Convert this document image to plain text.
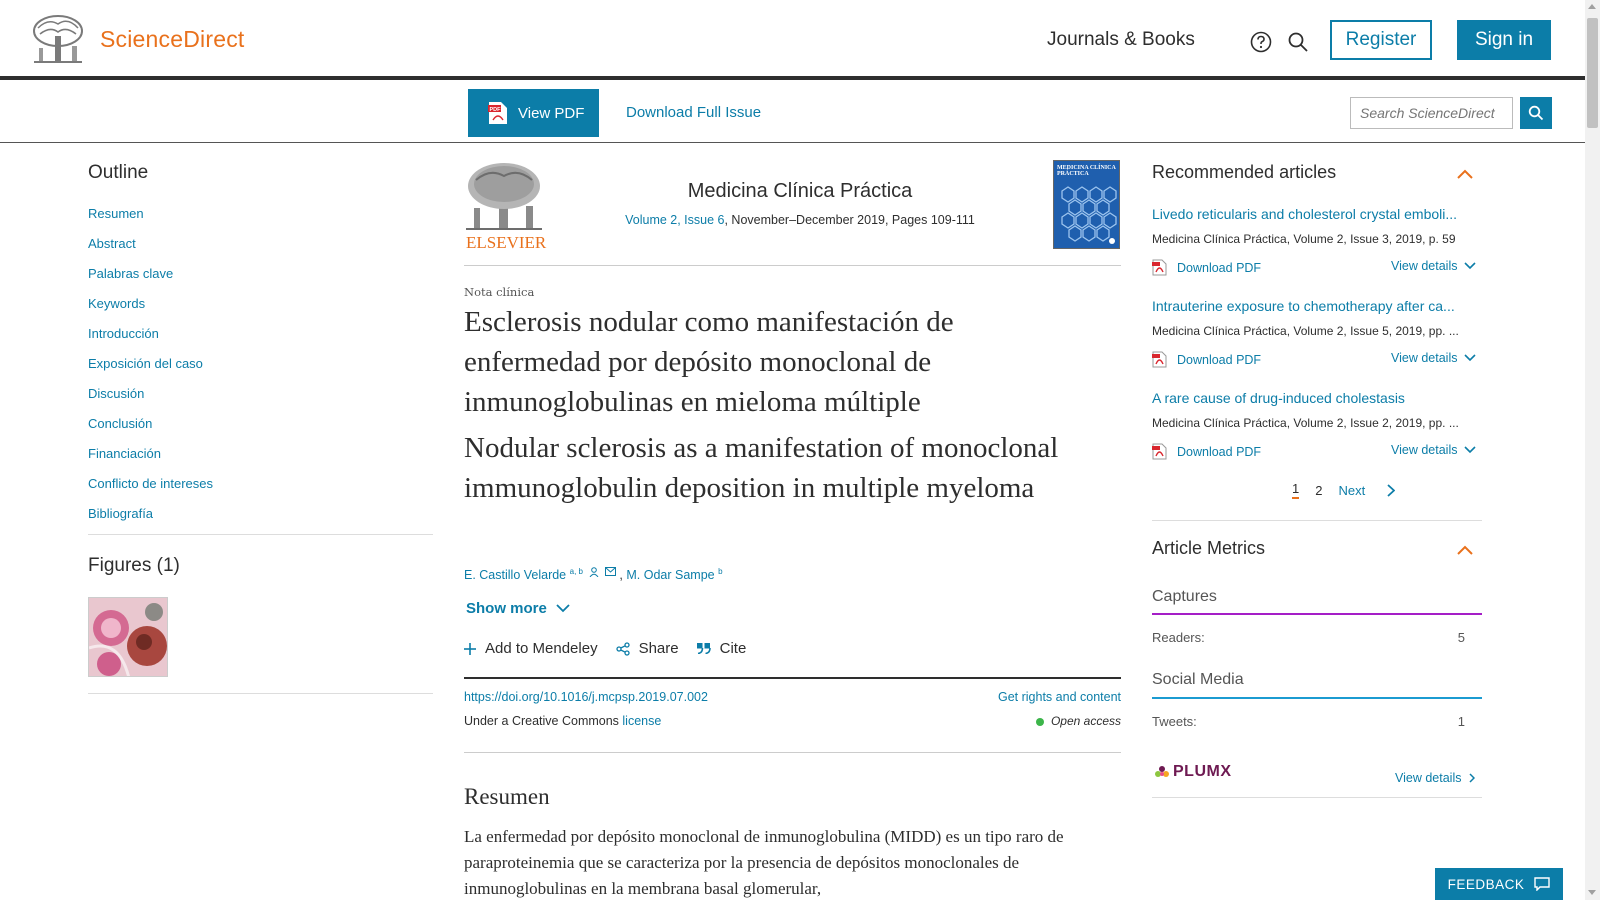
ScienceDirect	Journals & Books	Register	Sign in
PDF View PDF	Download Full Issue
Search ScienceDirect
Outline
Resumen
Abstract
Palabras clave
Keywords
Introducción
Exposición del caso
Discusión
Conclusión
Financiación
Conflicto de intereses
Bibliografía
Figures (1)
ELSEVIER
Medicina Clínica Práctica
Volume 2, Issue 6, November–December 2019, Pages 109-111
MEDICINA CLÍNICA PRÁCTICA
Nota clínica
Esclerosis nodular como manifestación de enfermedad por depósito monoclonal de inmunoglobulinas en mieloma múltiple
Nodular sclerosis as a manifestation of monoclonal immunoglobulin deposition in multiple myeloma
E. Castillo Velarde $^{a, b}$	, M. Odar Sampe $^b$
Show more
Add to Mendeley	Share	Cite
https://doi.org/10.1016/j.mcpsp.2019.07.002	Get rights and content
Under a Creative Commons license	Open access
Resumen

La enfermedad por depósito monoclonal de inmunoglobulina (MIDD) es un tipo raro de paraproteinemia que se caracteriza por la presencia de depósitos monoclonales de inmunoglobulinas en la membrana basal glomerular,

Recommended articles
Livedo reticularis and cholesterol crystal emboli...
Medicina Clínica Práctica, Volume 2, Issue 3, 2019, p. 59
Download PDF	View details
Intrauterine exposure to chemotherapy after ca...
Medicina Clínica Práctica, Volume 2, Issue 5, 2019, pp. ...
Download PDF	View details
A rare cause of drug-induced cholestasis
Medicina Clínica Práctica, Volume 2, Issue 2, 2019, pp. ...
Download PDF	View details
1 2 Next
Article Metrics
Captures
Readers:	5
Social Media
Tweets:	1
PLUMX	View details
FEEDBACK
